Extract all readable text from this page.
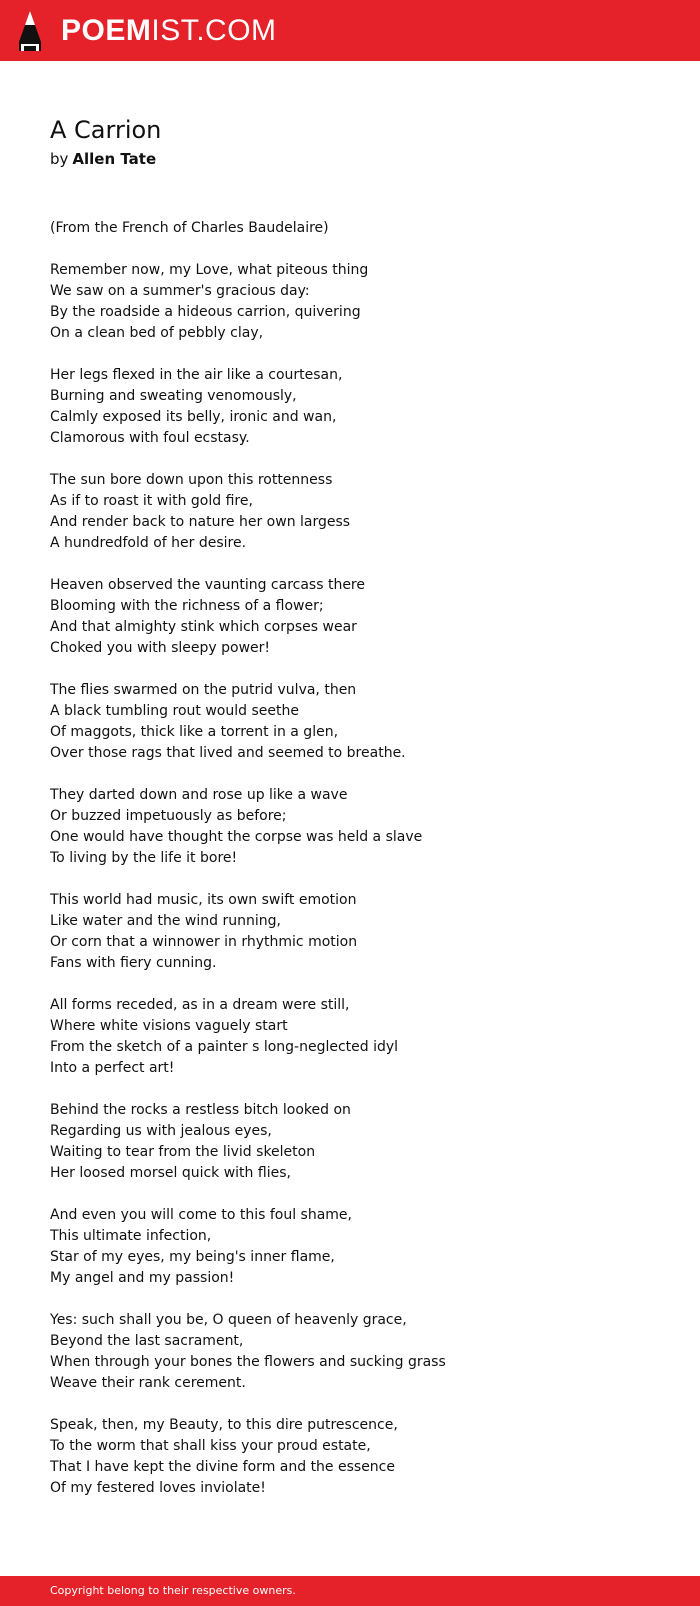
POEMIST.COM
A Carrion
by Allen Tate
(From the French of Charles Baudelaire)
Remember now, my Love, what piteous thing
We saw on a summer's gracious day:
By the roadside a hideous carrion, quivering
On a clean bed of pebbly clay,
Her legs flexed in the air like a courtesan,
Burning and sweating venomously,
Calmly exposed its belly, ironic and wan,
Clamorous with foul ecstasy.
The sun bore down upon this rottenness
As if to roast it with gold fire,
And render back to nature her own largess
A hundredfold of her desire.
Heaven observed the vaunting carcass there
Blooming with the richness of a flower;
And that almighty stink which corpses wear
Choked you with sleepy power!
The flies swarmed on the putrid vulva, then
A black tumbling rout would seethe
Of maggots, thick like a torrent in a glen,
Over those rags that lived and seemed to breathe.
They darted down and rose up like a wave
Or buzzed impetuously as before;
One would have thought the corpse was held a slave
To living by the life it bore!
This world had music, its own swift emotion
Like water and the wind running,
Or corn that a winnower in rhythmic motion
Fans with fiery cunning.
All forms receded, as in a dream were still,
Where white visions vaguely start
From the sketch of a painter s long-neglected idyl
Into a perfect art!
Behind the rocks a restless bitch looked on
Regarding us with jealous eyes,
Waiting to tear from the livid skeleton
Her loosed morsel quick with flies,
And even you will come to this foul shame,
This ultimate infection,
Star of my eyes, my being's inner flame,
My angel and my passion!
Yes: such shall you be, O queen of heavenly grace,
Beyond the last sacrament,
When through your bones the flowers and sucking grass
Weave their rank cerement.
Speak, then, my Beauty, to this dire putrescence,
To the worm that shall kiss your proud estate,
That I have kept the divine form and the essence
Of my festered loves inviolate!
Copyright belong to their respective owners.
